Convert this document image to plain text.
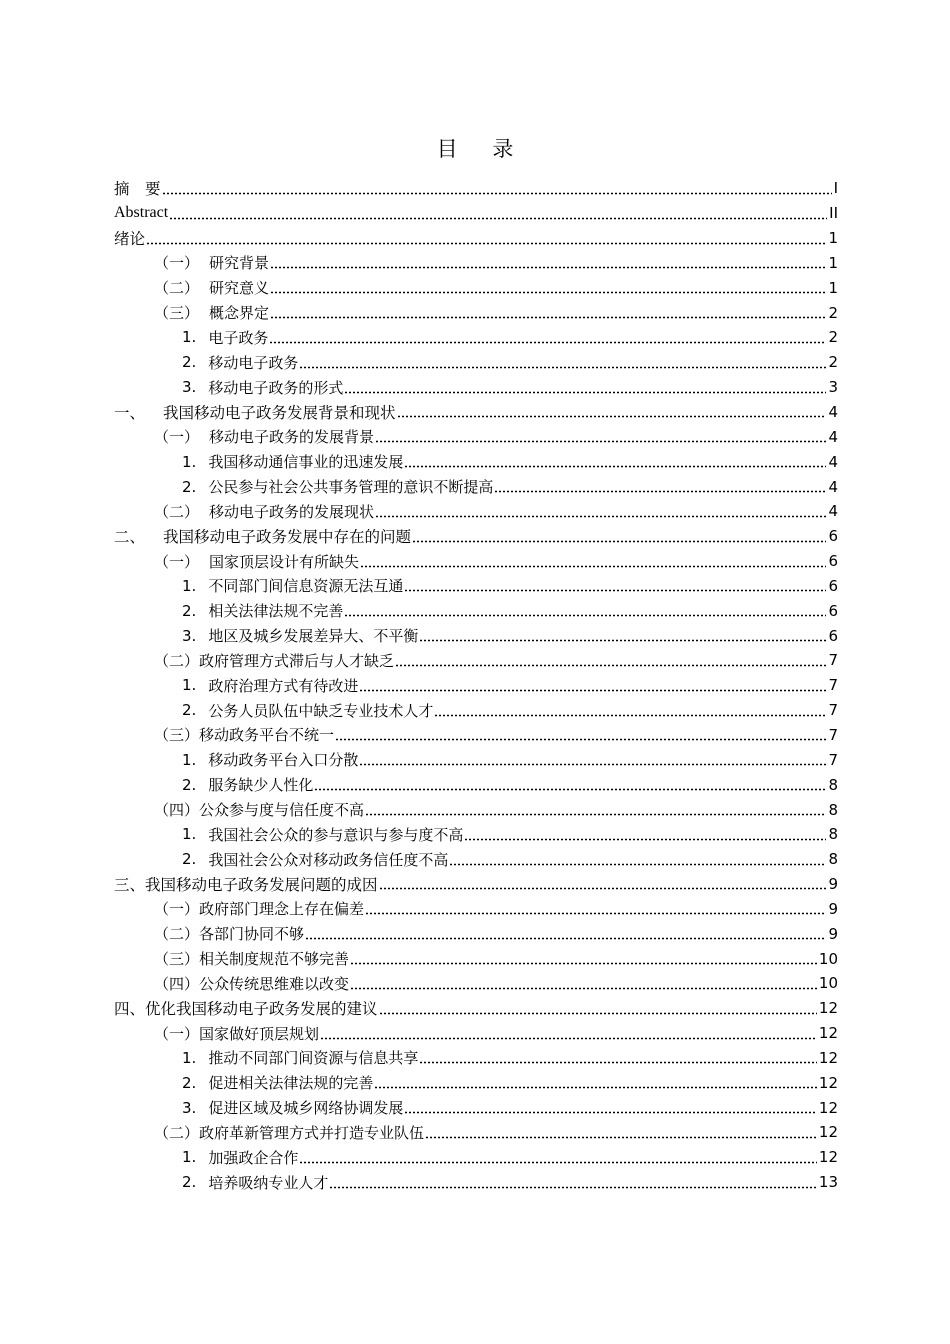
目 录
摘　要	I
Abstract	II
绪论	1
（一） 研究背景	1
（二） 研究意义	1
（三） 概念界定	2
1. 电子政务	2
2. 移动电子政务	2
3. 移动电子政务的形式	3
一、 我国移动电子政务发展背景和现状	4
（一） 移动电子政务的发展背景	4
1. 我国移动通信事业的迅速发展	4
2. 公民参与社会公共事务管理的意识不断提高	4
（二） 移动电子政务的发展现状	4
二、 我国移动电子政务发展中存在的问题	6
（一） 国家顶层设计有所缺失	6
1. 不同部门间信息资源无法互通	6
2. 相关法律法规不完善	6
3. 地区及城乡发展差异大、不平衡	6
（二） 政府管理方式滞后与人才缺乏	7
1. 政府治理方式有待改进	7
2. 公务人员队伍中缺乏专业技术人才	7
（三） 移动政务平台不统一	7
1. 移动政务平台入口分散	7
2. 服务缺少人性化	8
（四） 公众参与度与信任度不高	8
1. 我国社会公众的参与意识与参与度不高	8
2. 我国社会公众对移动政务信任度不高	8
三、 我国移动电子政务发展问题的成因	9
（一） 政府部门理念上存在偏差	9
（二） 各部门协同不够	9
（三） 相关制度规范不够完善	10
（四） 公众传统思维难以改变	10
四、 优化我国移动电子政务发展的建议	12
（一） 国家做好顶层规划	12
1. 推动不同部门间资源与信息共享	12
2. 促进相关法律法规的完善	12
3. 促进区域及城乡网络协调发展	12
（二） 政府革新管理方式并打造专业队伍	12
1. 加强政企合作	12
2. 培养吸纳专业人才	13
